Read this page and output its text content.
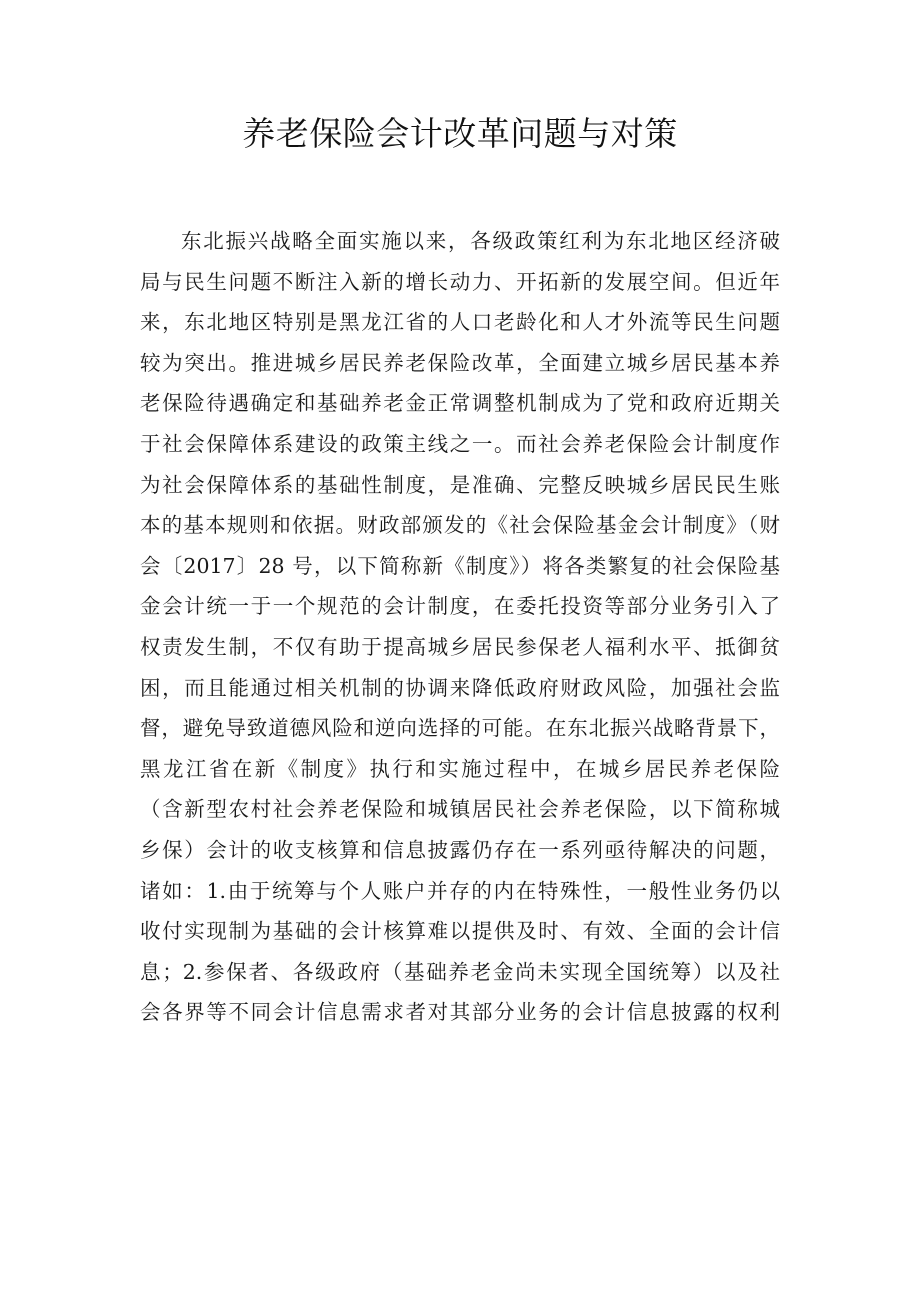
养老保险会计改革问题与对策
东北振兴战略全面实施以来，各级政策红利为东北地区经济破
局与民生问题不断注入新的增长动力、开拓新的发展空间。但近年
来，东北地区特别是黑龙江省的人口老龄化和人才外流等民生问题
较为突出。推进城乡居民养老保险改革，全面建立城乡居民基本养
老保险待遇确定和基础养老金正常调整机制成为了党和政府近期关
于社会保障体系建设的政策主线之一。而社会养老保险会计制度作
为社会保障体系的基础性制度，是准确、完整反映城乡居民民生账
本的基本规则和依据。财政部颁发的《社会保险基金会计制度》（财
会〔2017〕28 号，以下简称新《制度》）将各类繁复的社会保险基
金会计统一于一个规范的会计制度，在委托投资等部分业务引入了
权责发生制，不仅有助于提高城乡居民参保老人福利水平、抵御贫
困，而且能通过相关机制的协调来降低政府财政风险，加强社会监
督，避免导致道德风险和逆向选择的可能。在东北振兴战略背景下，
黑龙江省在新《制度》执行和实施过程中，在城乡居民养老保险
（含新型农村社会养老保险和城镇居民社会养老保险，以下简称城
乡保）会计的收支核算和信息披露仍存在一系列亟待解决的问题，
诸如：1.由于统筹与个人账户并存的内在特殊性，一般性业务仍以
收付实现制为基础的会计核算难以提供及时、有效、全面的会计信
息；2.参保者、各级政府（基础养老金尚未实现全国统筹）以及社
会各界等不同会计信息需求者对其部分业务的会计信息披露的权利
